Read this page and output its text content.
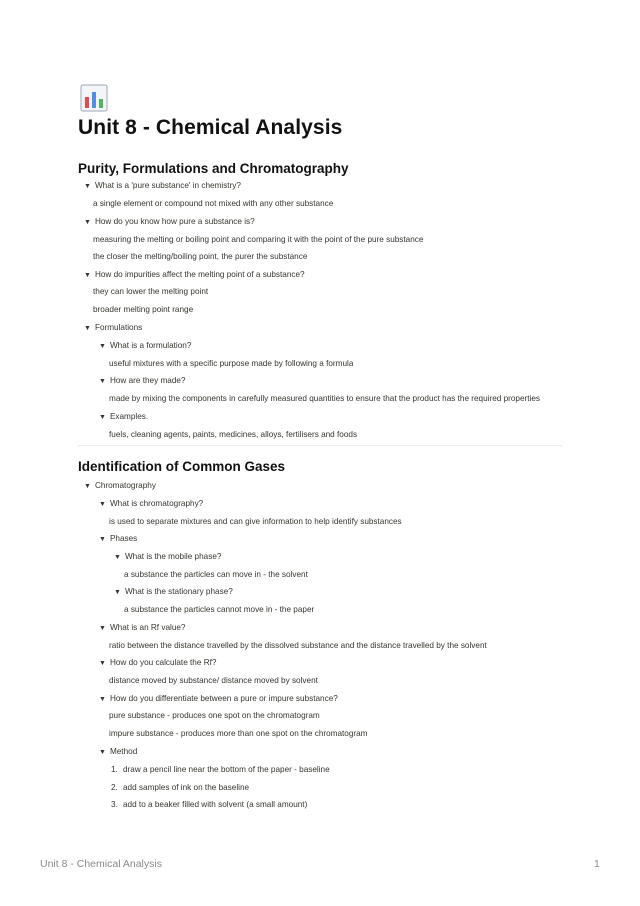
Unit 8 - Chemical Analysis
Purity, Formulations and Chromatography
▼ What is a 'pure substance' in chemistry?
a single element or compound not mixed with any other substance
▼ How do you know how pure a substance is?
measuring the melting or boiling point and comparing it with the point of the pure substance
the closer the melting/boiling point, the purer the substance
▼ How do impurities affect the melting point of a substance?
they can lower the melting point
broader melting point range
▼ Formulations
▼ What is a formulation?
useful mixtures with a specific purpose made by following a formula
▼ How are they made?
made by mixing the components in carefully measured quantities to ensure that the product has the required properties
▼ Examples.
fuels, cleaning agents, paints, medicines, alloys, fertilisers and foods
Identification of Common Gases
▼ Chromatography
▼ What is chromatography?
is used to separate mixtures and can give information to help identify substances
▼ Phases
▼ What is the mobile phase?
a substance the particles can move in - the solvent
▼ What is the stationary phase?
a substance the particles cannot move in - the paper
▼ What is an Rf value?
ratio between the distance travelled by the dissolved substance and the distance travelled by the solvent
▼ How do you calculate the Rf?
distance moved by substance/ distance moved by solvent
▼ How do you differentiate between a pure or impure substance?
pure substance - produces one spot on the chromatogram
impure substance - produces more than one spot on the chromatogram
▼ Method
1. draw a pencil line near the bottom of the paper - baseline
2. add samples of ink on the baseline
3. add to a beaker filled with solvent (a small amount)
Unit 8 - Chemical Analysis	1
